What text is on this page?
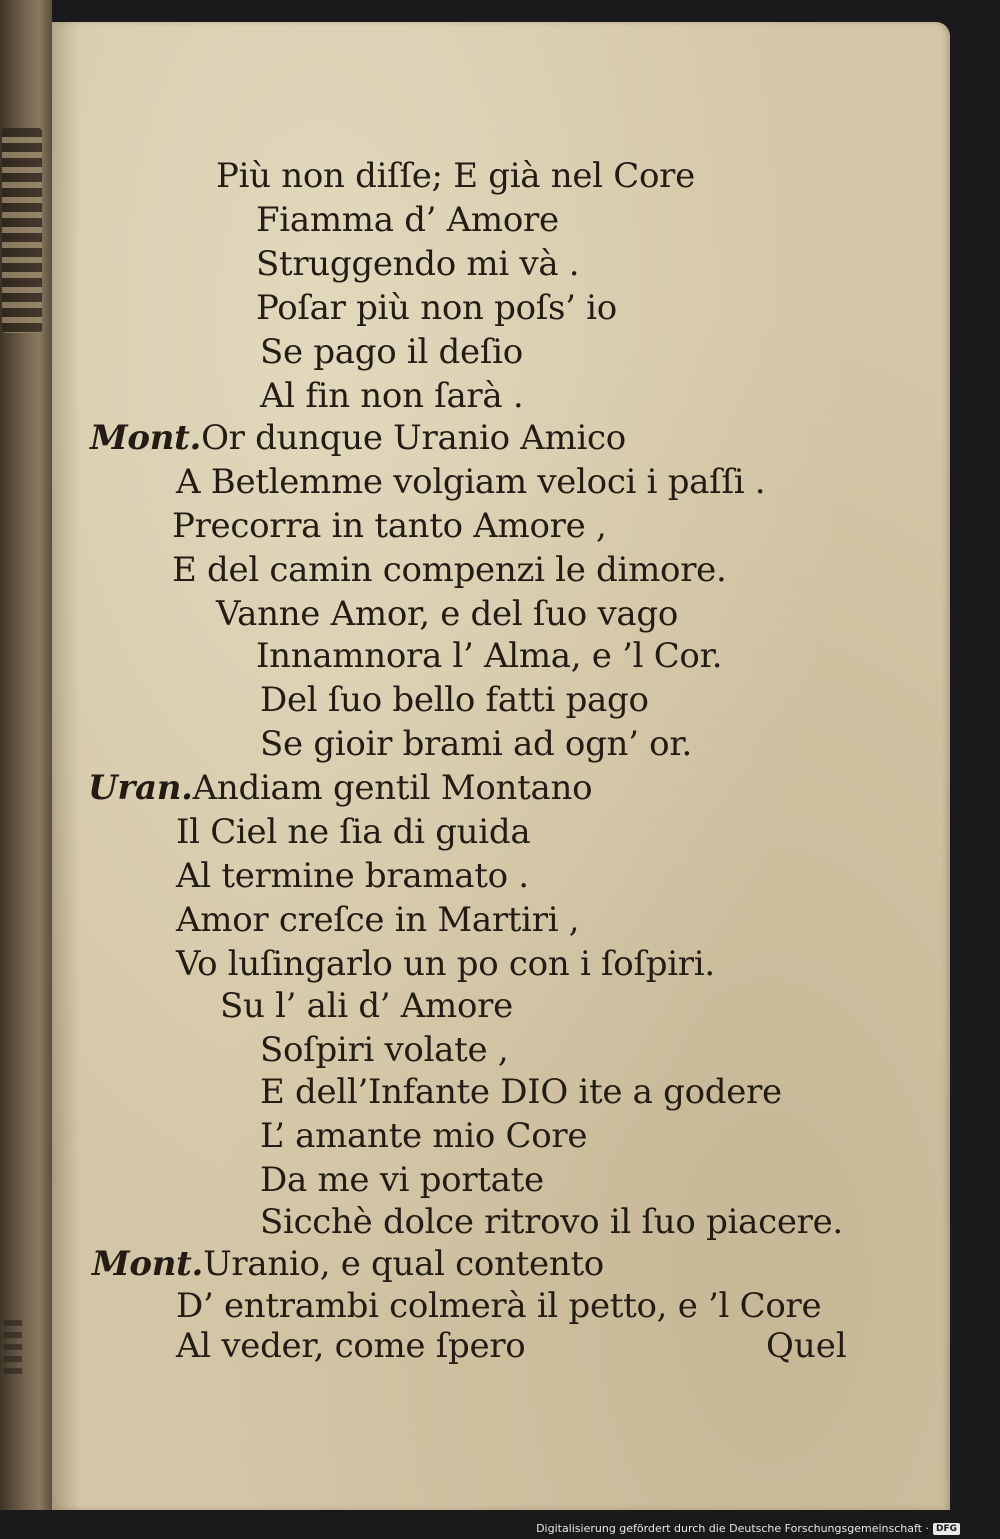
Più non diſſe; E già nel Core
Fiamma d’ Amore
Struggendo mi và .
Poſar più non poſs’ io
Se pago il deſio
Al fin non ſarà .
Mont.Or dunque Uranio Amico
A Betlemme volgiam veloci i paſſi .
Precorra in tanto Amore ,
E del camin compenzi le dimore.
Vanne Amor, e del ſuo vago
Innamnora l’ Alma, e ’l Cor.
Del ſuo bello fatti pago
Se gioir brami ad ogn’ or.
Uran.Andiam gentil Montano
Il Ciel ne ſia di guida
Al termine bramato .
Amor creſce in Martiri ,
Vo luſingarlo un po con i ſoſpiri.
Su l’ ali d’ Amore
Soſpiri volate ,
E dell’Infante DIO ite a godere
L’ amante mio Core
Da me vi portate
Sicchè dolce ritrovo il ſuo piacere.
Mont.Uranio, e qual contento
D’ entrambi colmerà il petto, e ’l Core
Al veder, come ſpero	Quel
Digitalisierung gefördert durch die Deutsche Forschungsgemeinschaft · DFG
